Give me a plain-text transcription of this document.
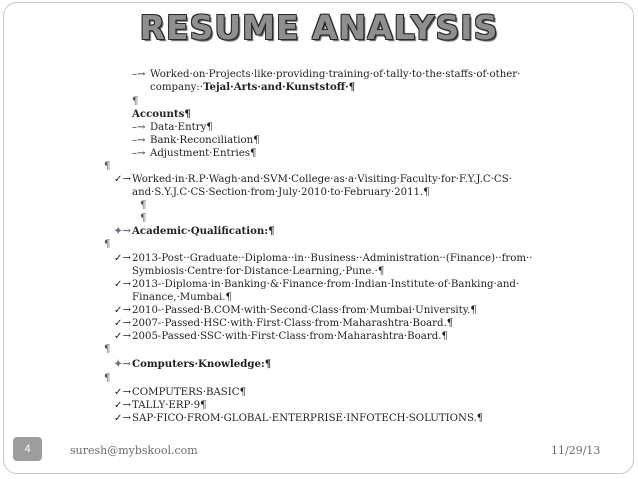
RESUME ANALYSIS
–→ Worked·on·Projects·like·providing·training·of·tally·to·the·staffs·of·other·
company:·Tejal·Arts·and·Kunststoff·¶
¶
Accounts¶
–→ Data·Entry¶
–→ Bank·Reconciliation¶
–→ Adjustment·Entries¶
¶
✓→Worked·in·R.P·Wagh·and·SVM·College·as·a·Visiting·Faculty·for·F.Y.J.C·CS·
and·S.Y.J.C·CS·Section·from·July·2010·to·February·2011.¶
¶
¶
✦→Academic·Qualification:¶
¶
✓→2013-Post··Graduate··Diploma··in··Business··Administration··(Finance)··from··
Symbiosis·Centre·for·Distance·Learning,·Pune.·¶
✓→2013-·Diploma·in·Banking·&·Finance·from·Indian·Institute·of·Banking·and·
Finance,·Mumbai.¶
✓→2010-·Passed·B.COM·with·Second·Class·from·Mumbai·University.¶
✓→2007-·Passed·HSC·with·First·Class·from·Maharashtra·Board.¶
✓→2005-Passed·SSC·with·First·Class·from·Maharashtra·Board.¶
¶
✦→Computers·Knowledge:¶
¶
✓→COMPUTERS·BASIC¶
✓→TALLY·ERP·9¶
✓→SAP·FICO·FROM·GLOBAL·ENTERPRISE·INFOTECH·SOLUTIONS.¶
4	suresh@mybskool.com	11/29/13
